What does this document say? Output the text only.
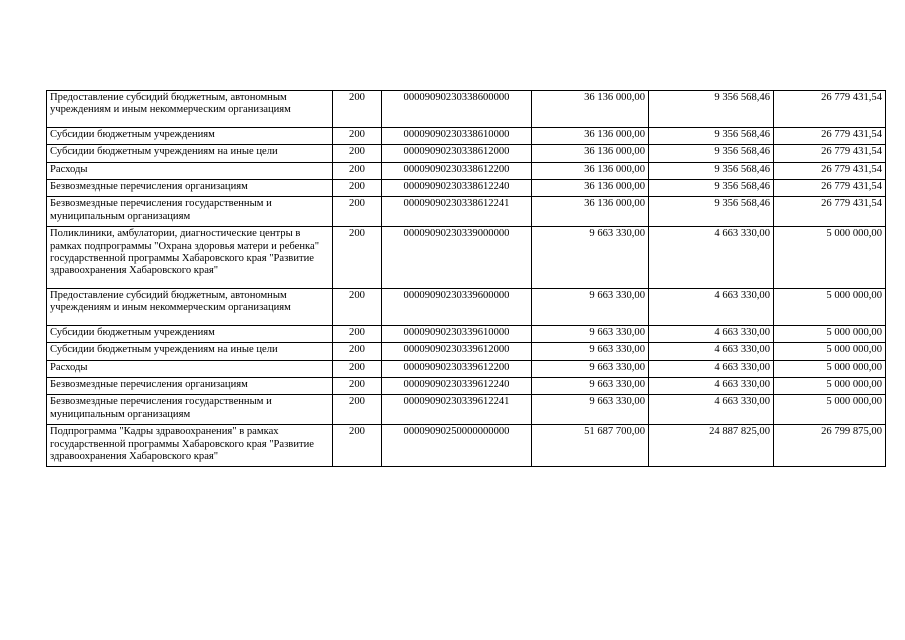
Предоставление субсидий бюджетным, автономным учреждениям и иным некоммерческим организациям	200	00009090230338600000	36 136 000,00	9 356 568,46	26 779 431,54
Субсидии бюджетным учреждениям	200	00009090230338610000	36 136 000,00	9 356 568,46	26 779 431,54
Субсидии бюджетным учреждениям на иные цели	200	00009090230338612000	36 136 000,00	9 356 568,46	26 779 431,54
Расходы	200	00009090230338612200	36 136 000,00	9 356 568,46	26 779 431,54
Безвозмездные перечисления организациям	200	00009090230338612240	36 136 000,00	9 356 568,46	26 779 431,54
Безвозмездные перечисления государственным и муниципальным организациям	200	00009090230338612241	36 136 000,00	9 356 568,46	26 779 431,54
Поликлиники, амбулатории, диагностические центры в рамках подпрограммы "Охрана здоровья матери и ребенка" государственной программы Хабаровского края "Развитие здравоохранения Хабаровского края"	200	00009090230339000000	9 663 330,00	4 663 330,00	5 000 000,00
Предоставление субсидий бюджетным, автономным учреждениям и иным некоммерческим организациям	200	00009090230339600000	9 663 330,00	4 663 330,00	5 000 000,00
Субсидии бюджетным учреждениям	200	00009090230339610000	9 663 330,00	4 663 330,00	5 000 000,00
Субсидии бюджетным учреждениям на иные цели	200	00009090230339612000	9 663 330,00	4 663 330,00	5 000 000,00
Расходы	200	00009090230339612200	9 663 330,00	4 663 330,00	5 000 000,00
Безвозмездные перечисления организациям	200	00009090230339612240	9 663 330,00	4 663 330,00	5 000 000,00
Безвозмездные перечисления государственным и муниципальным организациям	200	00009090230339612241	9 663 330,00	4 663 330,00	5 000 000,00
Подпрограмма "Кадры здравоохранения" в рамках государственной программы Хабаровского края "Развитие здравоохранения Хабаровского края"	200	00009090250000000000	51 687 700,00	24 887 825,00	26 799 875,00
